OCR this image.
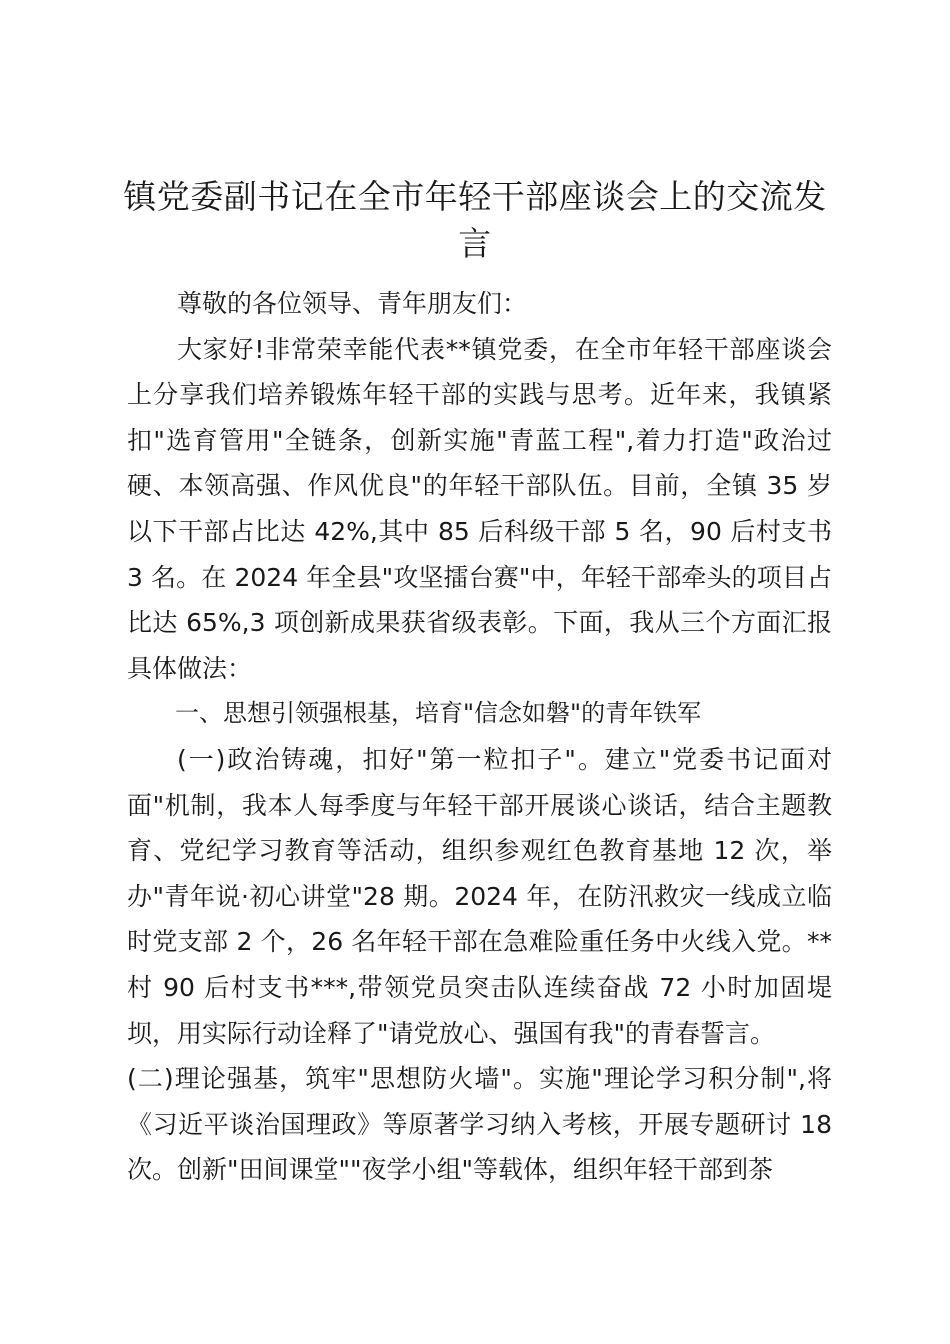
镇党委副书记在全市年轻干部座谈会上的交流发言

尊敬的各位领导、青年朋友们：

大家好!非常荣幸能代表**镇党委，在全市年轻干部座谈会上分享我们培养锻炼年轻干部的实践与思考。近年来，我镇紧扣"选育管用"全链条，创新实施"青蓝工程",着力打造"政治过硬、本领高强、作风优良"的年轻干部队伍。目前，全镇 35 岁以下干部占比达 42%,其中 85 后科级干部 5 名，90 后村支书 3 名。在 2024 年全县"攻坚擂台赛"中，年轻干部牵头的项目占比达 65%,3 项创新成果获省级表彰。下面，我从三个方面汇报具体做法：

一、思想引领强根基，培育"信念如磐"的青年铁军

(一)政治铸魂，扣好"第一粒扣子"。建立"党委书记面对面"机制，我本人每季度与年轻干部开展谈心谈话，结合主题教育、党纪学习教育等活动，组织参观红色教育基地 12 次，举办"青年说·初心讲堂"28 期。2024 年，在防汛救灾一线成立临时党支部 2 个，26 名年轻干部在急难险重任务中火线入党。**村 90 后村支书***,带领党员突击队连续奋战 72 小时加固堤坝，用实际行动诠释了"请党放心、强国有我"的青春誓言。

(二)理论强基，筑牢"思想防火墙"。实施"理论学习积分制",将《习近平谈治国理政》等原著学习纳入考核，开展专题研讨 18 次。创新"田间课堂""夜学小组"等载体，组织年轻干部到茶
